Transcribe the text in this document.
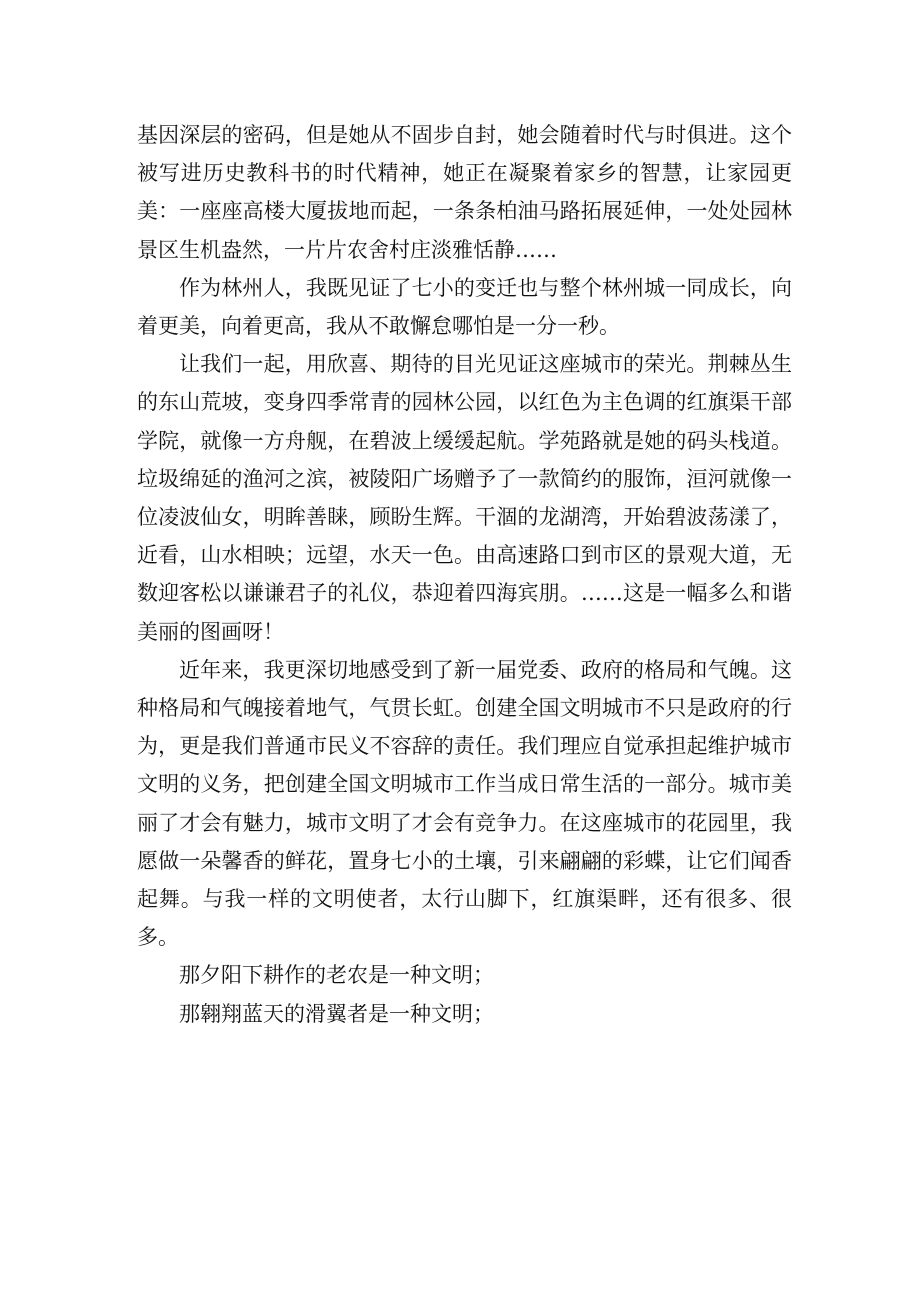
基因深层的密码，但是她从不固步自封，她会随着时代与时俱进。这个被写进历史教科书的时代精神，她正在凝聚着家乡的智慧，让家园更美：一座座高楼大厦拔地而起，一条条柏油马路拓展延伸，一处处园林景区生机盎然，一片片农舍村庄淡雅恬静……

作为林州人，我既见证了七小的变迁也与整个林州城一同成长，向着更美，向着更高，我从不敢懈怠哪怕是一分一秒。

让我们一起，用欣喜、期待的目光见证这座城市的荣光。荆棘丛生的东山荒坡，变身四季常青的园林公园，以红色为主色调的红旗渠干部学院，就像一方舟舰，在碧波上缓缓起航。学苑路就是她的码头栈道。垃圾绵延的渔河之滨，被陵阳广场赠予了一款简约的服饰，洹河就像一位凌波仙女，明眸善睐，顾盼生辉。干涸的龙湖湾，开始碧波荡漾了，近看，山水相映；远望，水天一色。由高速路口到市区的景观大道，无数迎客松以谦谦君子的礼仪，恭迎着四海宾朋。……这是一幅多么和谐美丽的图画呀！

近年来，我更深切地感受到了新一届党委、政府的格局和气魄。这种格局和气魄接着地气，气贯长虹。创建全国文明城市不只是政府的行为，更是我们普通市民义不容辞的责任。我们理应自觉承担起维护城市文明的义务，把创建全国文明城市工作当成日常生活的一部分。城市美丽了才会有魅力，城市文明了才会有竞争力。在这座城市的花园里，我愿做一朵馨香的鲜花，置身七小的土壤，引来翩翩的彩蝶，让它们闻香起舞。与我一样的文明使者，太行山脚下，红旗渠畔，还有很多、很多。

那夕阳下耕作的老农是一种文明；

那翱翔蓝天的滑翼者是一种文明；
